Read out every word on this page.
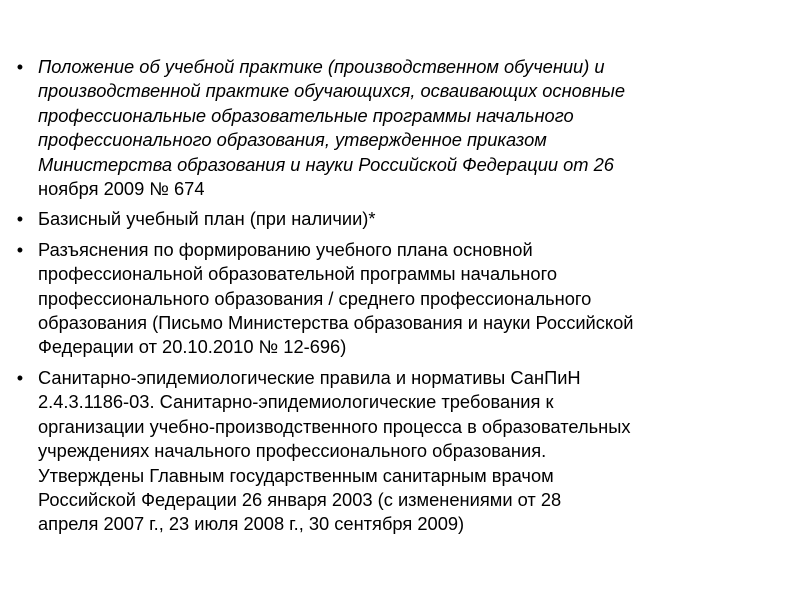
• Положение об учебной практике (производственном обучении) и
производственной практике обучающихся, осваивающих основные
профессиональные образовательные программы начального
профессионального образования, утвержденное приказом
Министерства образования и науки Российской Федерации от 26
ноября 2009 № 674
• Базисный учебный план (при наличии)*
• Разъяснения по формированию учебного плана основной
профессиональной образовательной программы начального
профессионального образования / среднего профессионального
образования (Письмо Министерства образования и науки Российской
Федерации от 20.10.2010 № 12-696)
• Санитарно-эпидемиологические правила и нормативы СанПиН
2.4.3.1186-03. Санитарно-эпидемиологические требования к
организации учебно-производственного процесса в образовательных
учреждениях начального профессионального образования.
Утверждены Главным государственным санитарным врачом
Российской Федерации 26 января 2003 (с изменениями от 28
апреля 2007 г., 23 июля 2008 г., 30 сентября 2009)
